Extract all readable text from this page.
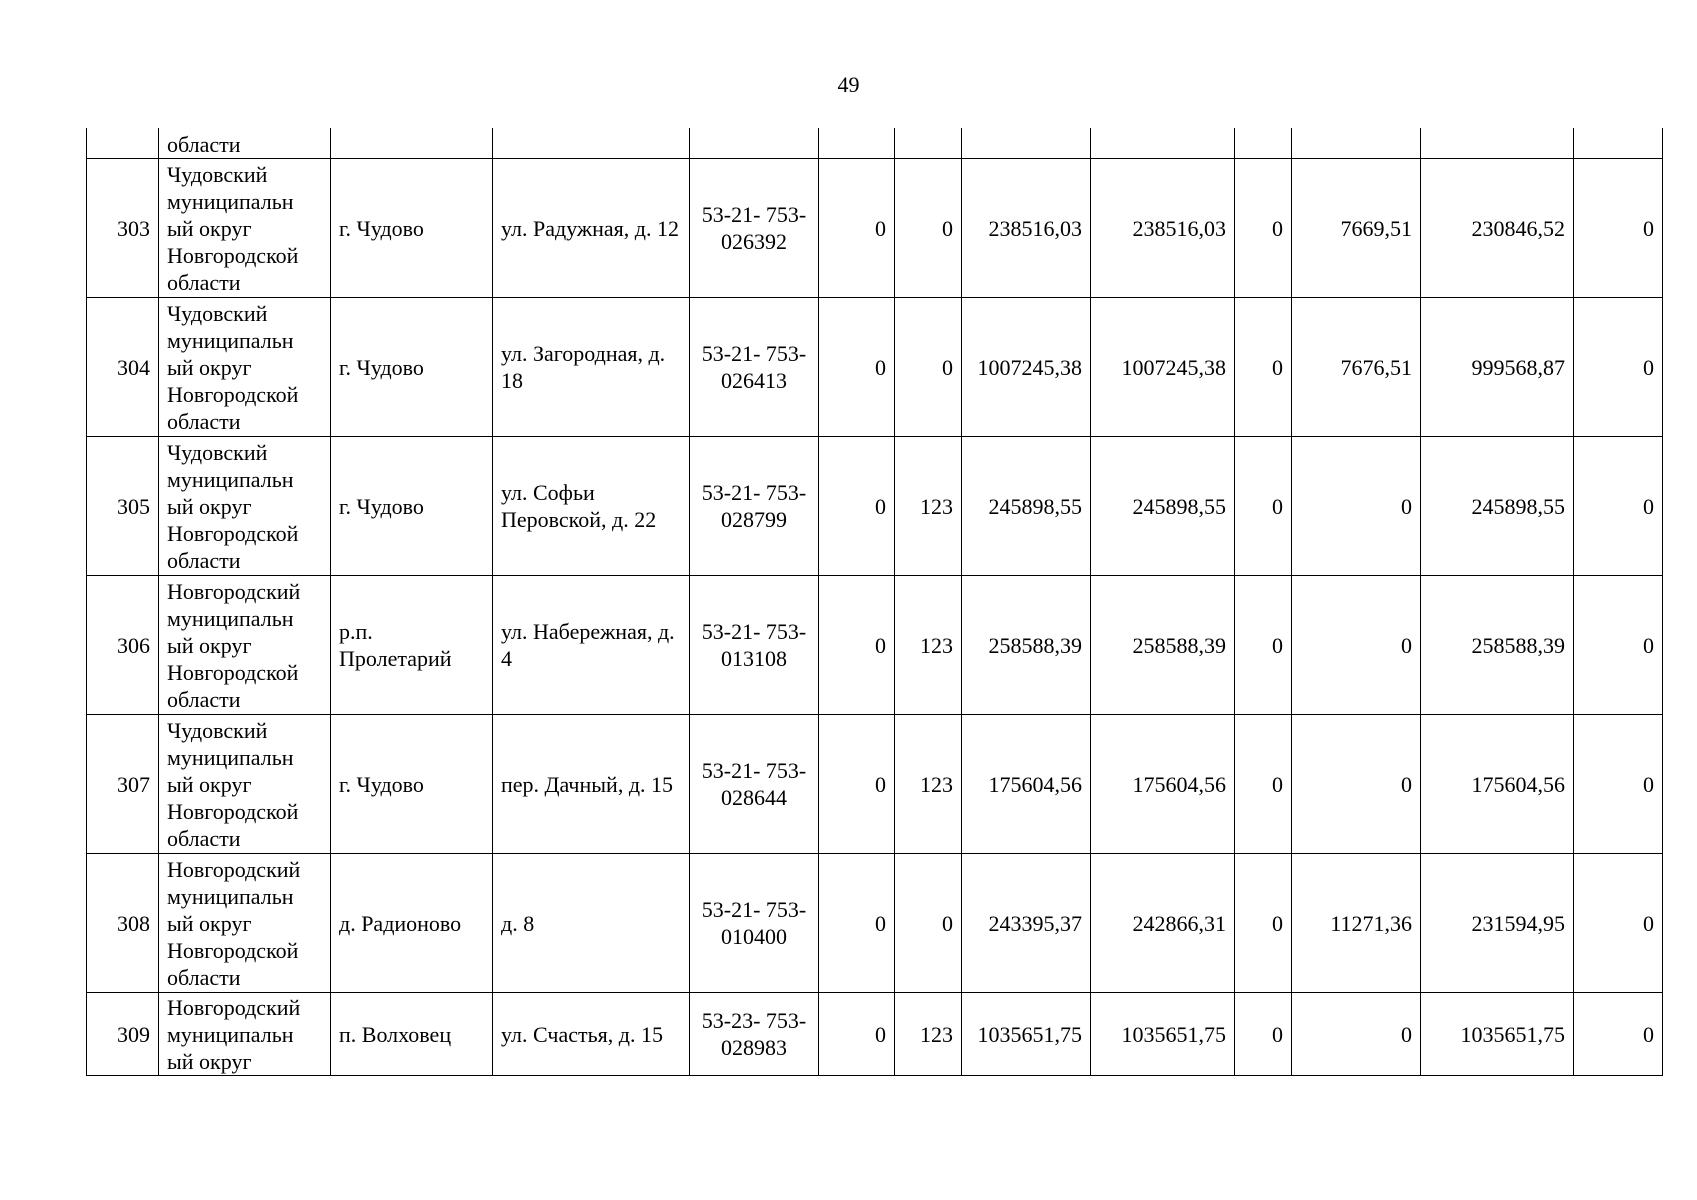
49
	области											
303	Чудовский муниципальн ый округ Новгородской области	г. Чудово	ул. Радужная, д. 12	53-21- 753- 026392	0	0	238516,03	238516,03	0	7669,51	230846,52	0
304	Чудовский муниципальн ый округ Новгородской области	г. Чудово	ул. Загородная, д. 18	53-21- 753- 026413	0	0	1007245,38	1007245,38	0	7676,51	999568,87	0
305	Чудовский муниципальн ый округ Новгородской области	г. Чудово	ул. Софьи Перовской, д. 22	53-21- 753- 028799	0	123	245898,55	245898,55	0	0	245898,55	0
306	Новгородский муниципальн ый округ Новгородской области	р.п. Пролетарий	ул. Набережная, д. 4	53-21- 753- 013108	0	123	258588,39	258588,39	0	0	258588,39	0
307	Чудовский муниципальн ый округ Новгородской области	г. Чудово	пер. Дачный, д. 15	53-21- 753- 028644	0	123	175604,56	175604,56	0	0	175604,56	0
308	Новгородский муниципальн ый округ Новгородской области	д. Радионово	д. 8	53-21- 753- 010400	0	0	243395,37	242866,31	0	11271,36	231594,95	0
309	Новгородский муниципальн ый округ	п. Волховец	ул. Счастья, д. 15	53-23- 753- 028983	0	123	1035651,75	1035651,75	0	0	1035651,75	0
